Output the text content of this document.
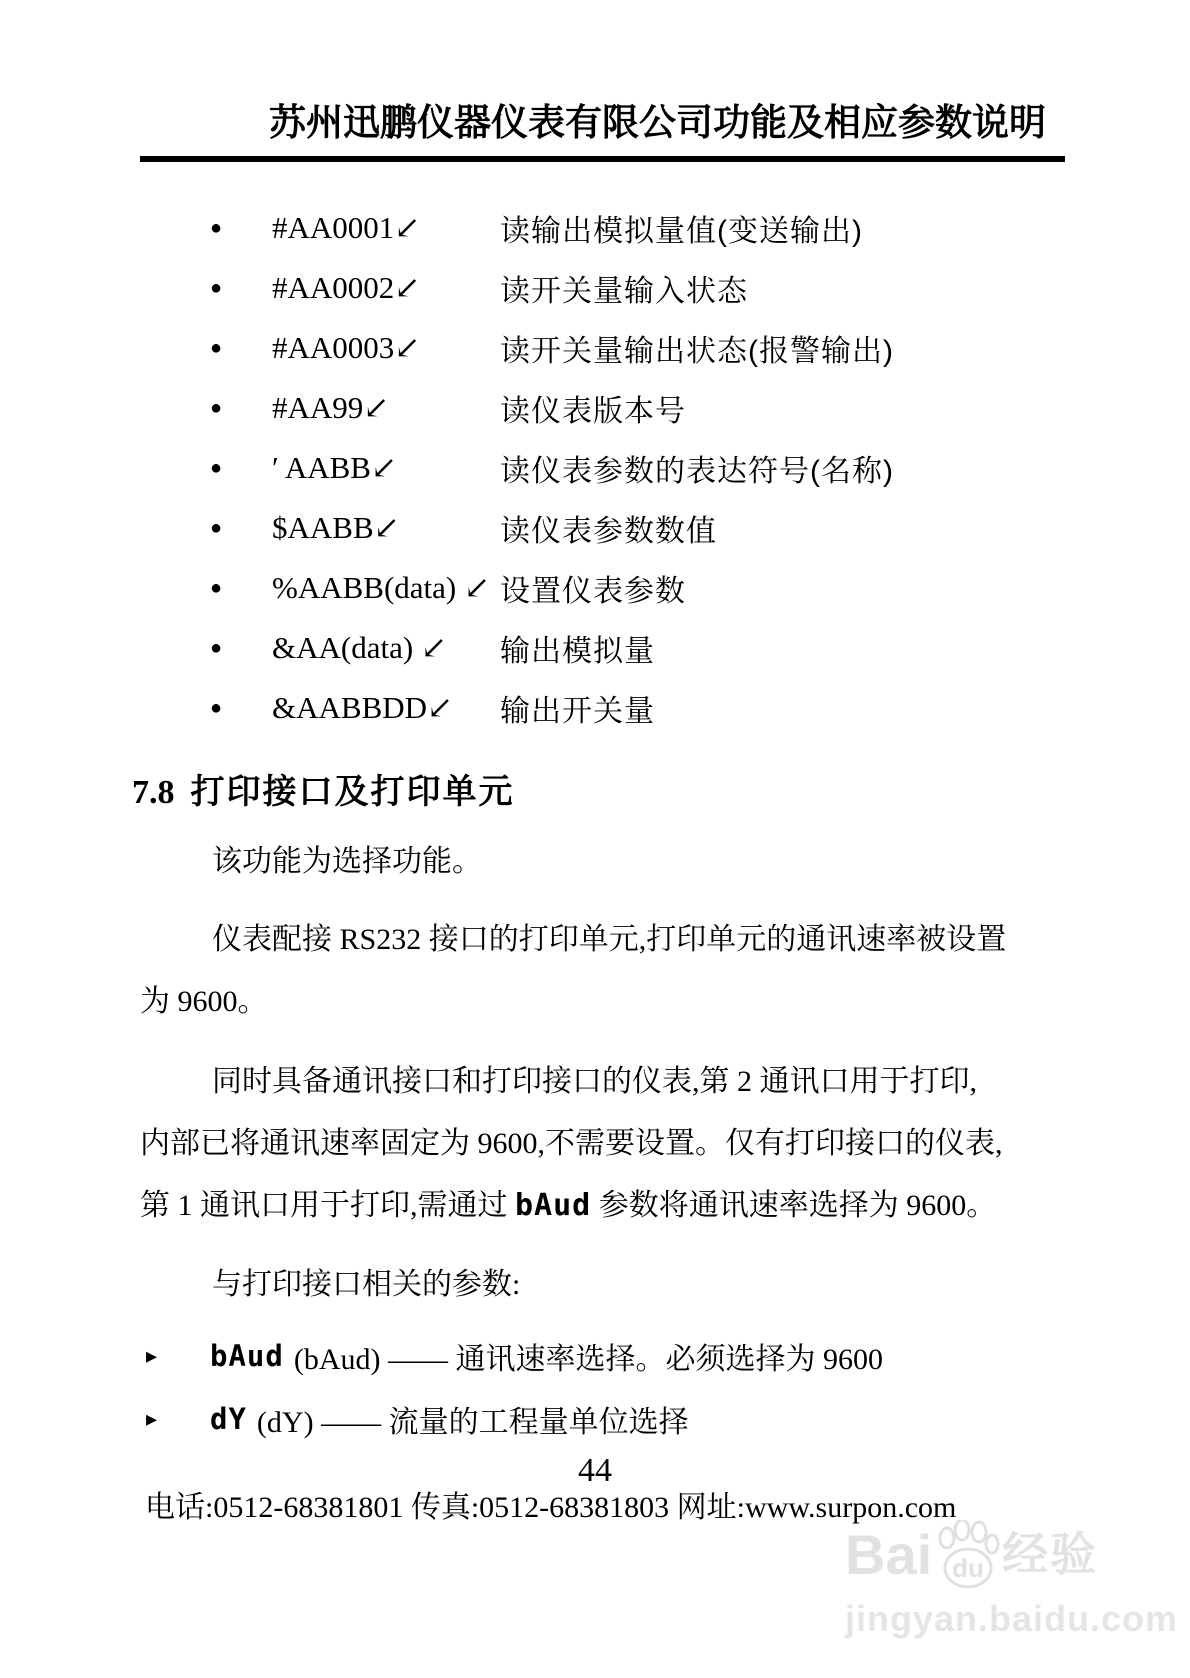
苏州迅鹏仪器仪表有限公司功能及相应参数说明
●	#AA0001↙	读输出模拟量值(变送输出)
●	#AA0002↙	读开关量输入状态
●	#AA0003↙	读开关量输出状态(报警输出)
●	#AA99↙	读仪表版本号
●	′ AABB↙	读仪表参数的表达符号(名称)
●	$AABB↙	读仪表参数数值
●	%AABB(data) ↙ 设置仪表参数
●	&AA(data) ↙	输出模拟量
●	&AABBDD↙	输出开关量
7.8 打印接口及打印单元
该功能为选择功能。
仪表配接 RS232 接口的打印单元,打印单元的通讯速率被设置
为 9600。
同时具备通讯接口和打印接口的仪表,第 2 通讯口用于打印,
内部已将通讯速率固定为 9600,不需要设置。仅有打印接口的仪表,
第 1 通讯口用于打印,需通过 bAud 参数将通讯速率选择为 9600。
与打印接口相关的参数:
▸	bAud (bAud) —— 通讯速率选择。必须选择为 9600
▸	dY (dY) —— 流量的工程量单位选择
44
电话:0512-68381801 传真:0512-68381803 网址:www.surpon.com
Bai du 经验
jingyan.baidu.com
